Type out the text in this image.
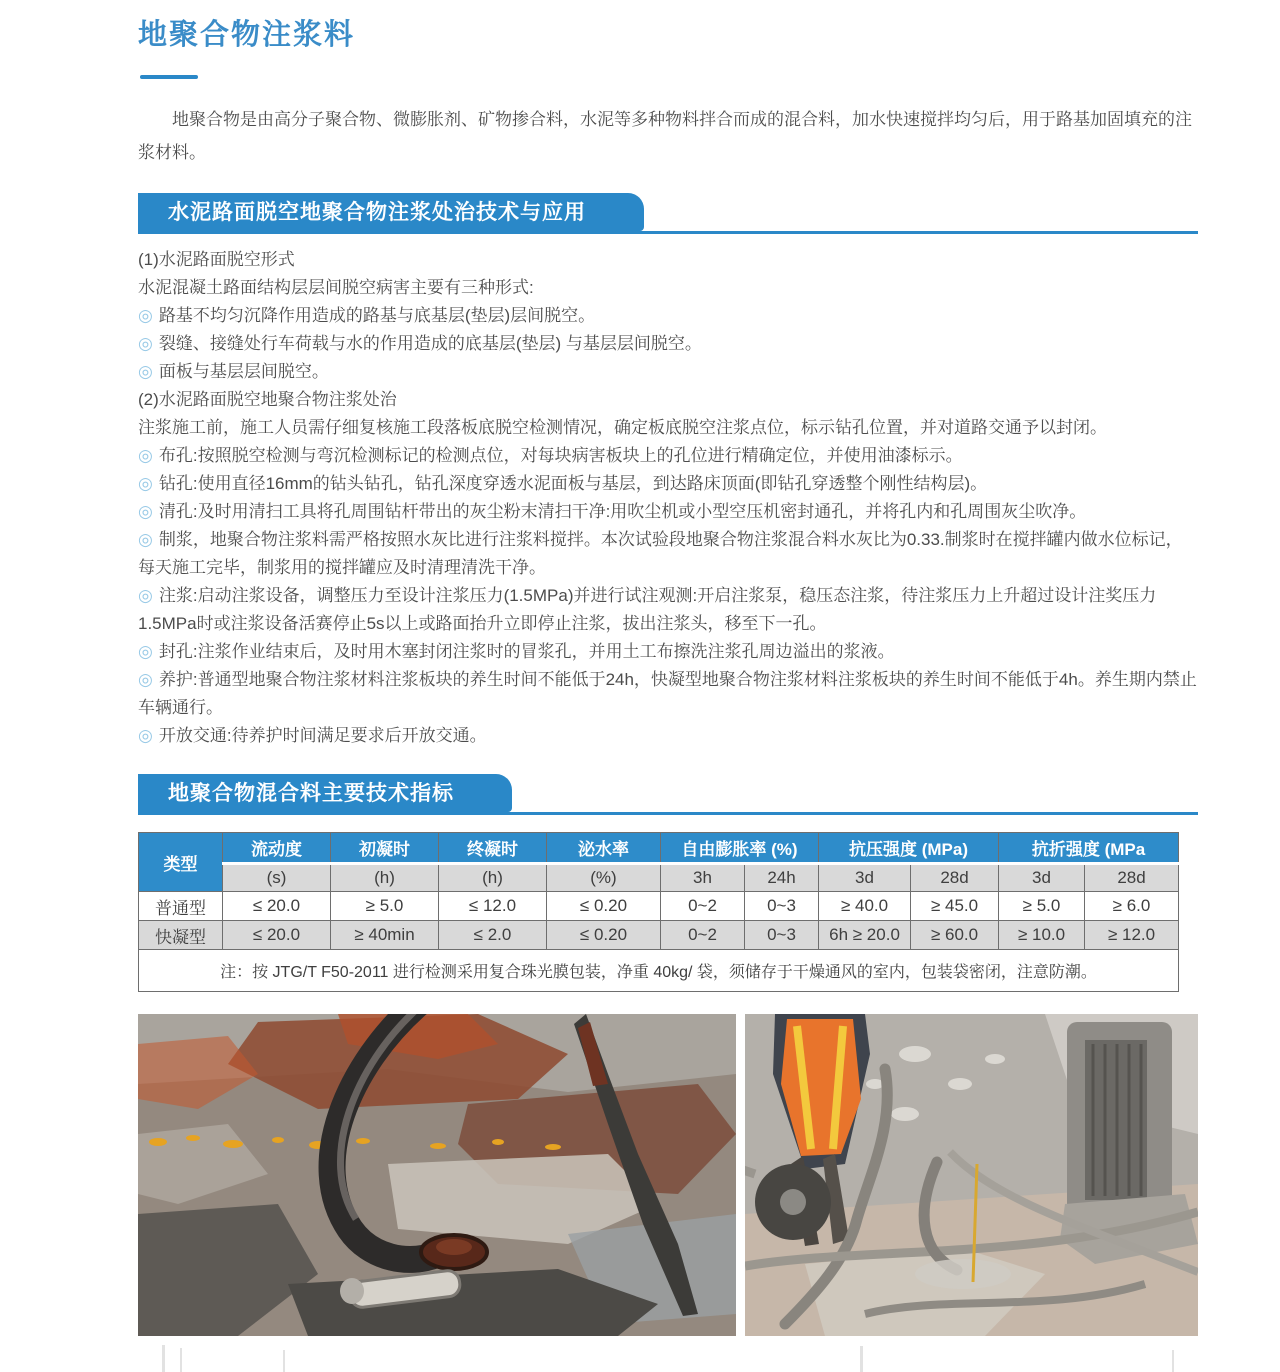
地聚合物注浆料

地聚合物是由高分子聚合物、微膨胀剂、矿物掺合料，水泥等多种物料拌合而成的混合料，加水快速搅拌均匀后，用于路基加固填充的注浆材料。

水泥路面脱空地聚合物注浆处治技术与应用

(1)水泥路面脱空形式

水泥混凝土路面结构层层间脱空病害主要有三种形式:

◎ 路基不均匀沉降作用造成的路基与底基层(垫层)层间脱空。

◎ 裂缝、接缝处行车荷载与水的作用造成的底基层(垫层) 与基层层间脱空。

◎ 面板与基层层间脱空。

(2)水泥路面脱空地聚合物注浆处治

注浆施工前，施工人员需仔细复核施工段落板底脱空检测情况，确定板底脱空注浆点位，标示钻孔位置，并对道路交通予以封闭。

◎ 布孔:按照脱空检测与弯沉检测标记的检测点位，对每块病害板块上的孔位进行精确定位，并使用油漆标示。

◎ 钻孔:使用直径16mm的钻头钻孔，钻孔深度穿透水泥面板与基层，到达路床顶面(即钻孔穿透整个刚性结构层)。

◎ 清孔:及时用清扫工具将孔周围钻杆带出的灰尘粉末清扫干净:用吹尘机或小型空压机密封通孔，并将孔内和孔周围灰尘吹净。

◎ 制浆，地聚合物注浆料需严格按照水灰比进行注浆料搅拌。本次试验段地聚合物注浆混合料水灰比为0.33.制浆时在搅拌罐内做水位标记，每天施工完毕，制浆用的搅拌罐应及时清理清洗干净。

◎ 注浆:启动注浆设备，调整压力至设计注浆压力(1.5MPa)并进行试注观测:开启注浆泵，稳压态注浆，待注浆压力上升超过设计注奖压力1.5MPa时或注浆设备活赛停止5s以上或路面抬升立即停止注浆，拔出注浆头，移至下一孔。

◎ 封孔:注浆作业结束后，及时用木塞封闭注浆时的冒浆孔，并用土工布擦洗注浆孔周边溢出的浆液。

◎ 养护:普通型地聚合物注浆材料注浆板块的养生时间不能低于24h，快凝型地聚合物注浆材料注浆板块的养生时间不能低于4h。养生期内禁止车辆通行。

◎ 开放交通:待养护时间满足要求后开放交通。

地聚合物混合料主要技术指标
类型	流动度	初凝时	终凝时	泌水率	自由膨胀率 (%)		抗压强度 (MPa)		抗折强度 (MPa	
	(s)	(h)	(h)	(%)	3h	24h	3d	28d	3d	28d
普通型	≤ 20.0	≥ 5.0	≤ 12.0	≤ 0.20	0~2	0~3	≥ 40.0	≥ 45.0	≥ 5.0	≥ 6.0
快凝型	≤ 20.0	≥ 40min	≤ 2.0	≤ 0.20	0~2	0~3	6h ≥ 20.0	≥ 60.0	≥ 10.0	≥ 12.0
注：按 JTG/T F50-2011 进行检测采用复合珠光膜包装，净重 40kg/ 袋，须储存于干燥通风的室内，包装袋密闭，注意防潮。										
